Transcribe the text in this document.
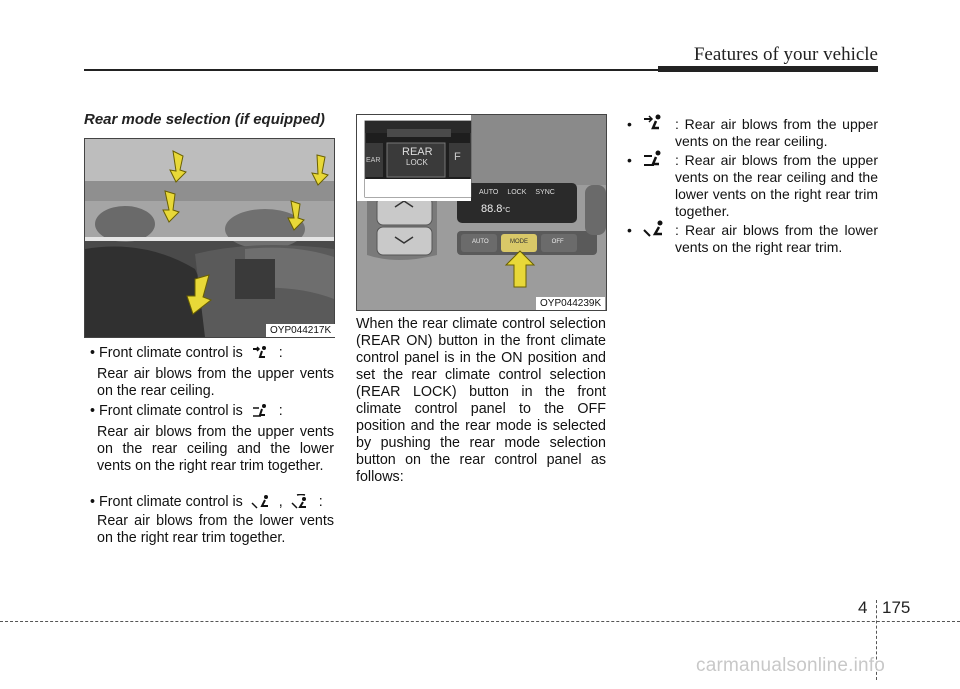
Features of your vehicle
Rear mode selection (if equipped)
OYP044217K
REAR
LOCK
EAR	F
AUTO LOCK SYNC
88.8°C
AUTO	MODE	OFF
OYP044239K
• Front climate control is	:
Rear air blows from the upper vents on the rear ceiling.
• Front climate control is	:
Rear air blows from the upper vents on the rear ceiling and the lower vents on the right rear trim together.
• Front climate control is	,	:
Rear air blows from the lower vents on the right rear trim together.
When the rear climate control selection (REAR ON) button in the front climate control panel is in the ON position and set the rear climate control selection (REAR LOCK) button in the front climate control panel to the OFF position and the rear mode is selected by pushing the rear mode selection button on the rear control panel as follows:
•	: Rear air blows from the upper vents on the rear ceiling.
•	: Rear air blows from the upper vents on the rear ceiling and the lower vents on the right rear trim together.
•	: Rear air blows from the lower vents on the right rear trim.
4 175
carmanualsonline.info
